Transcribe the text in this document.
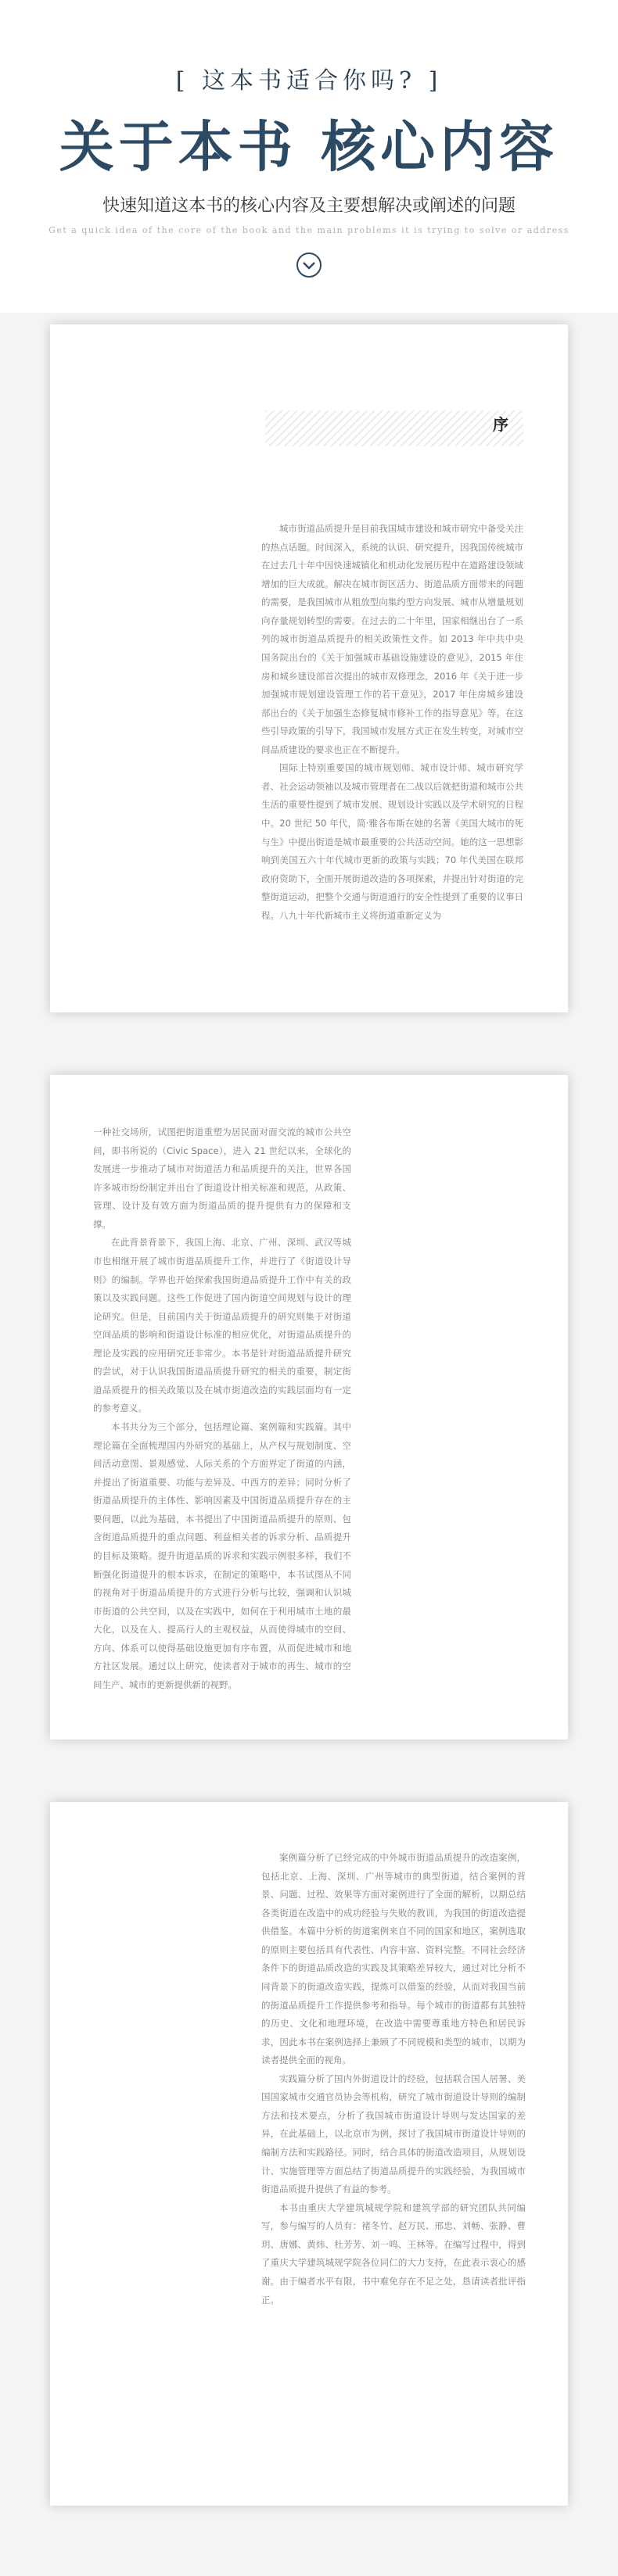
[ 这本书适合你吗? ]
关于本书 核心内容
快速知道这本书的核心内容及主要想解决或阐述的问题
Get a quick idea of the core of the book and the main problems it is trying to solve or address
序

城市街道品质提升是目前我国城市建设和城市研究中备受关注的热点话题。时间深入，系统的认识、研究提升，因我国传统城市在过去几十年中因快速城镇化和机动化发展历程中在道路建设领域增加的巨大成就。解决在城市街区活力、街道品质方面带来的问题的需要，是我国城市从粗放型向集约型方向发展、城市从增量规划向存量规划转型的需要。在过去的二十年里，国家相继出台了一系列的城市街道品质提升的相关政策性文件。如 2013 年中共中央国务院出台的《关于加强城市基础设施建设的意见》，2015 年住房和城乡建设部首次提出的城市双修理念，2016 年《关于进一步加强城市规划建设管理工作的若干意见》，2017 年住房城乡建设部出台的《关于加强生态修复城市修补工作的指导意见》等。在这些引导政策的引导下，我国城市发展方式正在发生转变，对城市空间品质建设的要求也正在不断提升。

国际上特别重要国的城市规划师、城市设计师、城市研究学者、社会运动领袖以及城市管理者在二战以后就把街道和城市公共生活的重要性提到了城市发展、规划设计实践以及学术研究的日程中。20 世纪 50 年代，简·雅各布斯在她的名著《美国大城市的死与生》中提出街道是城市最重要的公共活动空间。她的这一思想影响到美国五六十年代城市更新的政策与实践；70 年代美国在联邦政府资助下，全面开展街道改造的各项探索，并提出针对街道的完整街道运动，把整个交通与街道通行的安全性提到了重要的议事日程。八九十年代新城市主义将街道重新定义为

一种社交场所，试图把街道重塑为居民面对面交流的城市公共空间，即书所说的（Civic Space），进入 21 世纪以来，全球化的发展进一步推动了城市对街道活力和品质提升的关注，世界各国许多城市纷纷制定并出台了街道设计相关标准和规范，从政策、管理、设计及有效方面为街道品质的提升提供有力的保障和支撑。

在此背景背景下，我国上海、北京、广州、深圳、武汉等城市也相继开展了城市街道品质提升工作，并进行了《街道设计导则》的编制。学界也开始探索我国街道品质提升工作中有关的政策以及实践问题。这些工作促进了国内街道空间规划与设计的理论研究。但是，目前国内关于街道品质提升的研究则集于对街道空间品质的影响和街道设计标准的相应优化，对街道品质提升的理论及实践的应用研究还非常少。本书是针对街道品质提升研究的尝试，对于认识我国街道品质提升研究的相关的重要，制定街道品质提升的相关政策以及在城市街道改造的实践层面均有一定的参考意义。

本书共分为三个部分，包括理论篇、案例篇和实践篇。其中理论篇在全面梳理国内外研究的基础上，从产权与规划制度、空间活动意图、景观感觉、人际关系的个方面界定了街道的内涵，并提出了街道重要、功能与差异及、中西方的差异；同时分析了街道品质提升的主体性、影响因素及中国街道品质提升存在的主要问题，以此为基础，本书提出了中国街道品质提升的原则、包含街道品质提升的重点问题、利益相关者的诉求分析、品质提升的目标及策略。提升街道品质的诉求和实践示例很多样，我们不断强化街道提升的根本诉求，在制定的策略中，本书试图从不同的视角对于街道品质提升的方式进行分析与比较，强调和认识城市街道的公共空间，以及在实践中，如何在于利用城市土地的最大化，以及在人、提高行人的主观权益，从而使得城市的空间、方向、体系可以使得基础设施更加有序布置，从而促进城市和地方社区发展。通过以上研究，使读者对于城市的再生、城市的空间生产、城市的更新提供新的视野。

案例篇分析了已经完成的中外城市街道品质提升的改造案例，包括北京、上海、深圳、广州等城市的典型街道，结合案例的背景、问题、过程、效果等方面对案例进行了全面的解析，以期总结各类街道在改造中的成功经验与失败的教训，为我国的街道改造提供借鉴。本篇中分析的街道案例来自不同的国家和地区，案例选取的原则主要包括具有代表性、内容丰富、资料完整。不同社会经济条件下的街道品质改造的实践及其策略差异较大，通过对比分析不同背景下的街道改造实践，提炼可以借鉴的经验，从而对我国当前的街道品质提升工作提供参考和指导。每个城市的街道都有其独特的历史、文化和地理环境，在改造中需要尊重地方特色和居民诉求，因此本书在案例选择上兼顾了不同规模和类型的城市，以期为读者提供全面的视角。

实践篇分析了国内外街道设计的经验，包括联合国人居署、美国国家城市交通官员协会等机构，研究了城市街道设计导则的编制方法和技术要点，分析了我国城市街道设计导则与发达国家的差异，在此基础上，以北京市为例，探讨了我国城市街道设计导则的编制方法和实践路径。同时，结合具体的街道改造项目，从规划设计、实施管理等方面总结了街道品质提升的实践经验，为我国城市街道品质提升提供了有益的参考。

本书由重庆大学建筑城规学院和建筑学部的研究团队共同编写，参与编写的人员有：褚冬竹、赵万民、邢忠、刘畅、张静、曹玥、唐娜、黄炜、杜芳芳、刘一鸣、王林等。在编写过程中，得到了重庆大学建筑城规学院各位同仁的大力支持，在此表示衷心的感谢。由于编者水平有限，书中难免存在不足之处，恳请读者批评指正。
